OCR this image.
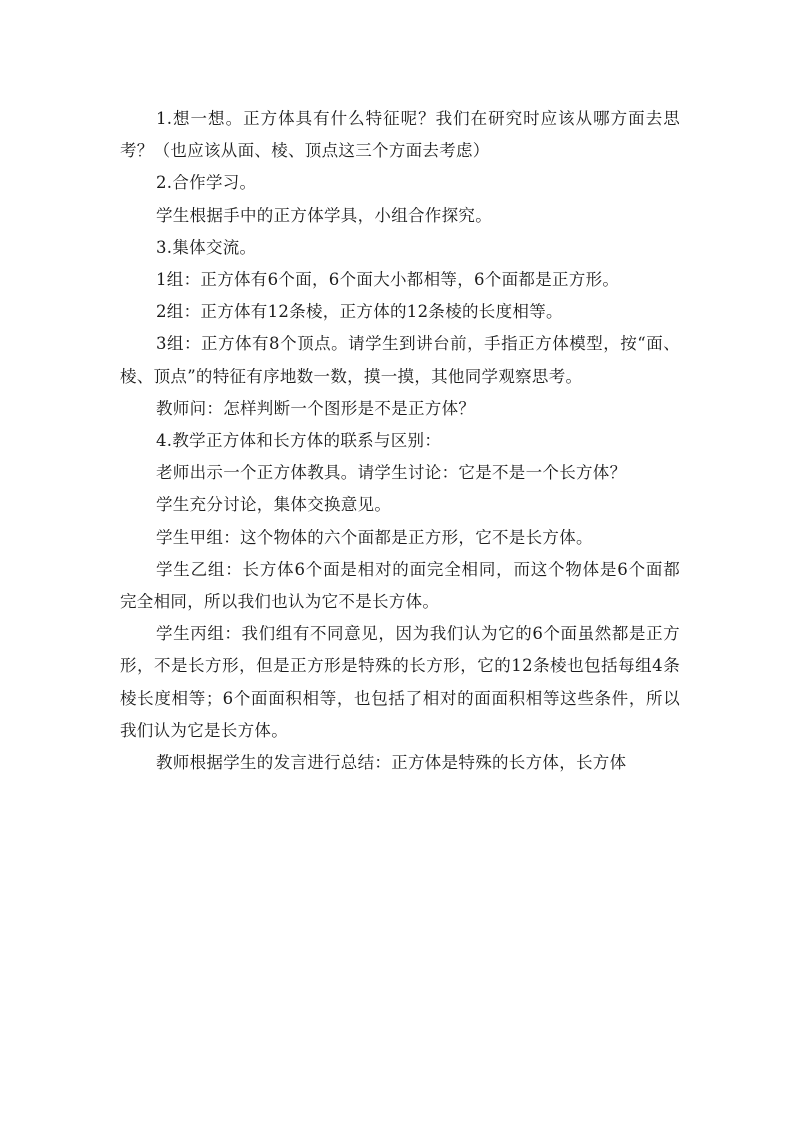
1.想一想。正方体具有什么特征呢？我们在研究时应该从哪方面去思考？（也应该从面、棱、顶点这三个方面去考虑）

2.合作学习。

学生根据手中的正方体学具，小组合作探究。

3.集体交流。

1组：正方体有6个面，6个面大小都相等，6个面都是正方形。

2组：正方体有12条棱，正方体的12条棱的长度相等。

3组：正方体有8个顶点。请学生到讲台前，手指正方体模型，按“面、棱、顶点”的特征有序地数一数，摸一摸，其他同学观察思考。

教师问：怎样判断一个图形是不是正方体？

4.教学正方体和长方体的联系与区别：

老师出示一个正方体教具。请学生讨论：它是不是一个长方体？

学生充分讨论，集体交换意见。

学生甲组：这个物体的六个面都是正方形，它不是长方体。

学生乙组：长方体6个面是相对的面完全相同，而这个物体是6个面都完全相同，所以我们也认为它不是长方体。

学生丙组：我们组有不同意见，因为我们认为它的6个面虽然都是正方形，不是长方形，但是正方形是特殊的长方形，它的12条棱也包括每组4条棱长度相等；6个面面积相等，也包括了相对的面面积相等这些条件，所以我们认为它是长方体。

教师根据学生的发言进行总结：正方体是特殊的长方体，长方体
